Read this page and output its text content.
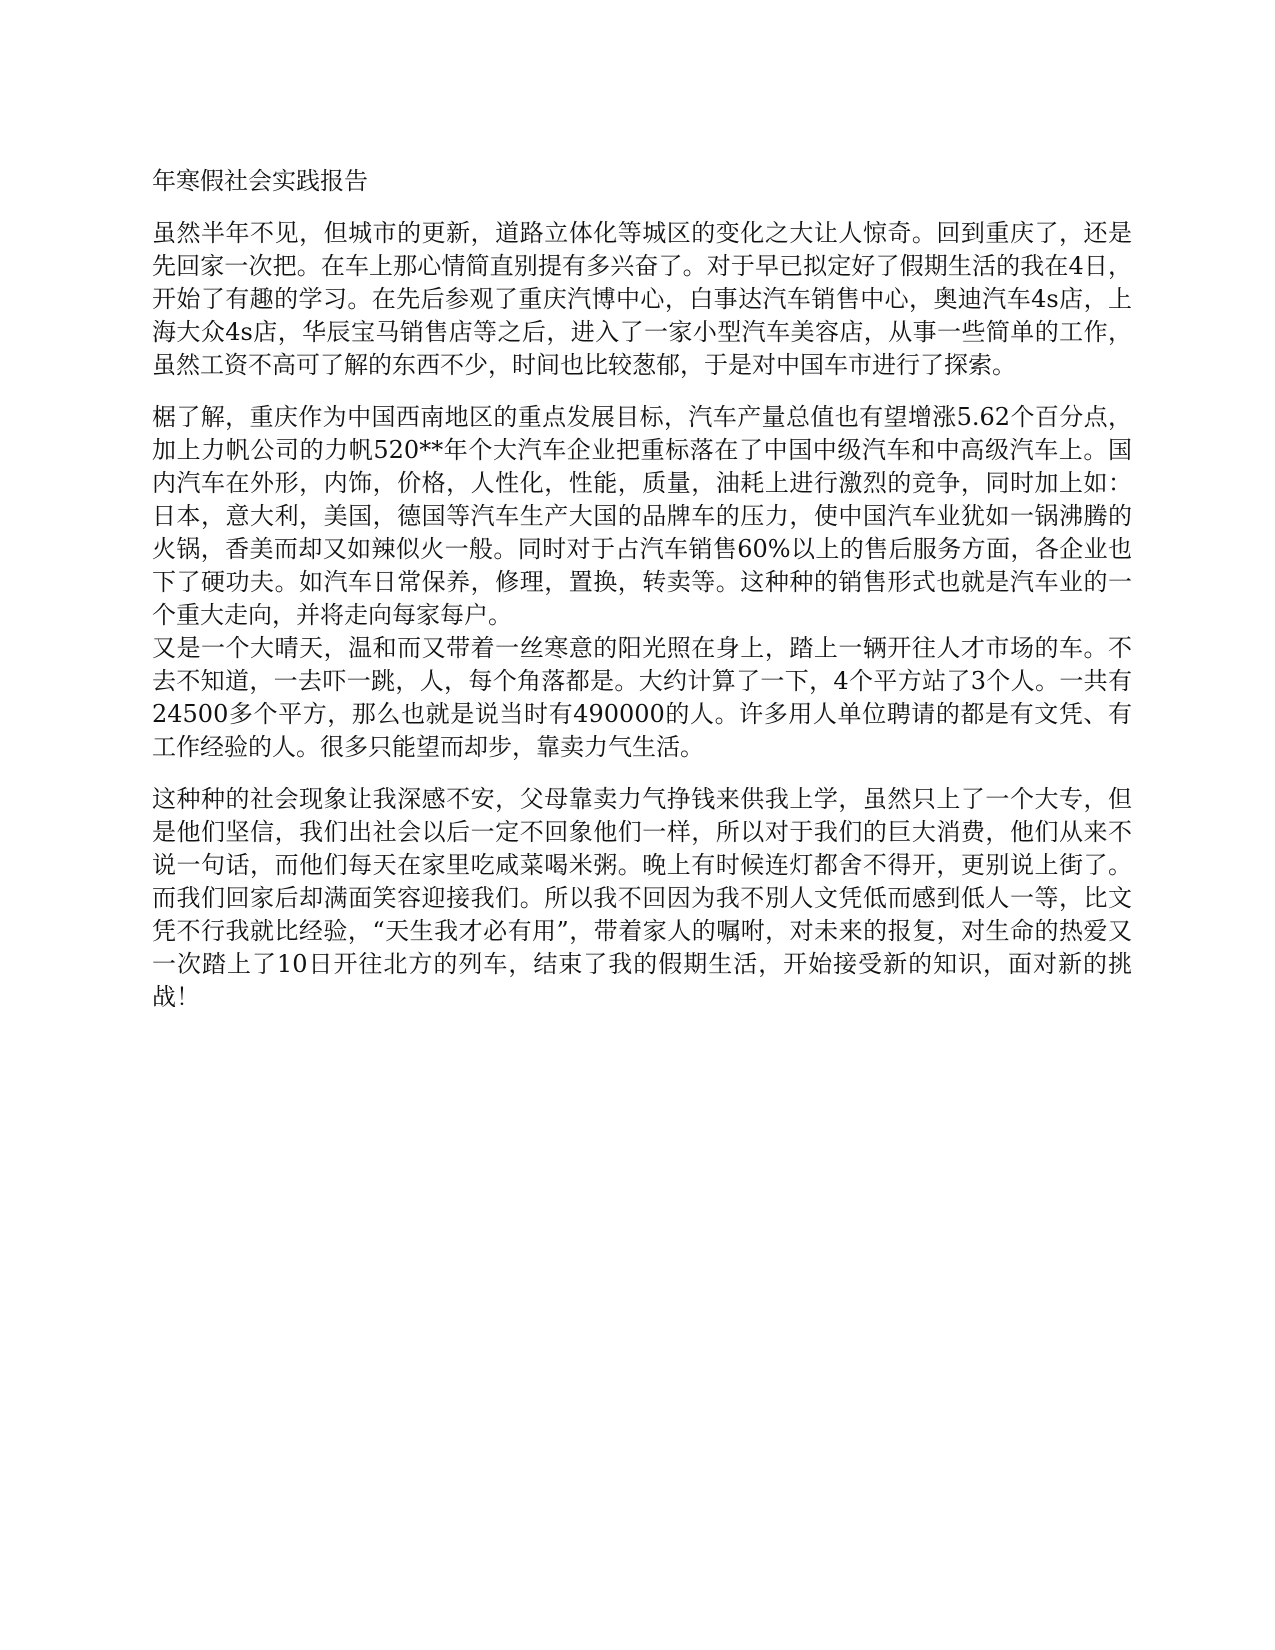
年寒假社会实践报告

虽然半年不见，但城市的更新，道路立体化等城区的变化之大让人惊奇。回到重庆了，还是先回家一次把。在车上那心情简直别提有多兴奋了。对于早已拟定好了假期生活的我在4日，开始了有趣的学习。在先后参观了重庆汽博中心，白事达汽车销售中心，奥迪汽车4s店，上海大众4s店，华辰宝马销售店等之后，进入了一家小型汽车美容店，从事一些简单的工作，虽然工资不高可了解的东西不少，时间也比较葱郁，于是对中国车市进行了探索。

椐了解，重庆作为中国西南地区的重点发展目标，汽车产量总值也有望增涨5.62个百分点，加上力帆公司的力帆520**年个大汽车企业把重标落在了中国中级汽车和中高级汽车上。国内汽车在外形，内饰，价格，人性化，性能，质量，油耗上进行激烈的竞争，同时加上如：日本，意大利，美国，德国等汽车生产大国的品牌车的压力，使中国汽车业犹如一锅沸腾的火锅，香美而却又如辣似火一般。同时对于占汽车销售60%以上的售后服务方面，各企业也下了硬功夫。如汽车日常保养，修理，置换，转卖等。这种种的销售形式也就是汽车业的一个重大走向，并将走向每家每户。

又是一个大晴天，温和而又带着一丝寒意的阳光照在身上，踏上一辆开往人才市场的车。不去不知道，一去吓一跳，人，每个角落都是。大约计算了一下，4个平方站了3个人。一共有24500多个平方，那么也就是说当时有490000的人。许多用人单位聘请的都是有文凭、有工作经验的人。很多只能望而却步，靠卖力气生活。

这种种的社会现象让我深感不安，父母靠卖力气挣钱来供我上学，虽然只上了一个大专，但是他们坚信，我们出社会以后一定不回象他们一样，所以对于我们的巨大消费，他们从来不说一句话，而他们每天在家里吃咸菜喝米粥。晚上有时候连灯都舍不得开，更别说上街了。而我们回家后却满面笑容迎接我们。所以我不回因为我不別人文凭低而感到低人一等，比文凭不行我就比经验，“天生我才必有用”，带着家人的嘱咐，对未来的报复，对生命的热爱又一次踏上了10日开往北方的列车，结束了我的假期生活，开始接受新的知识，面对新的挑战！
